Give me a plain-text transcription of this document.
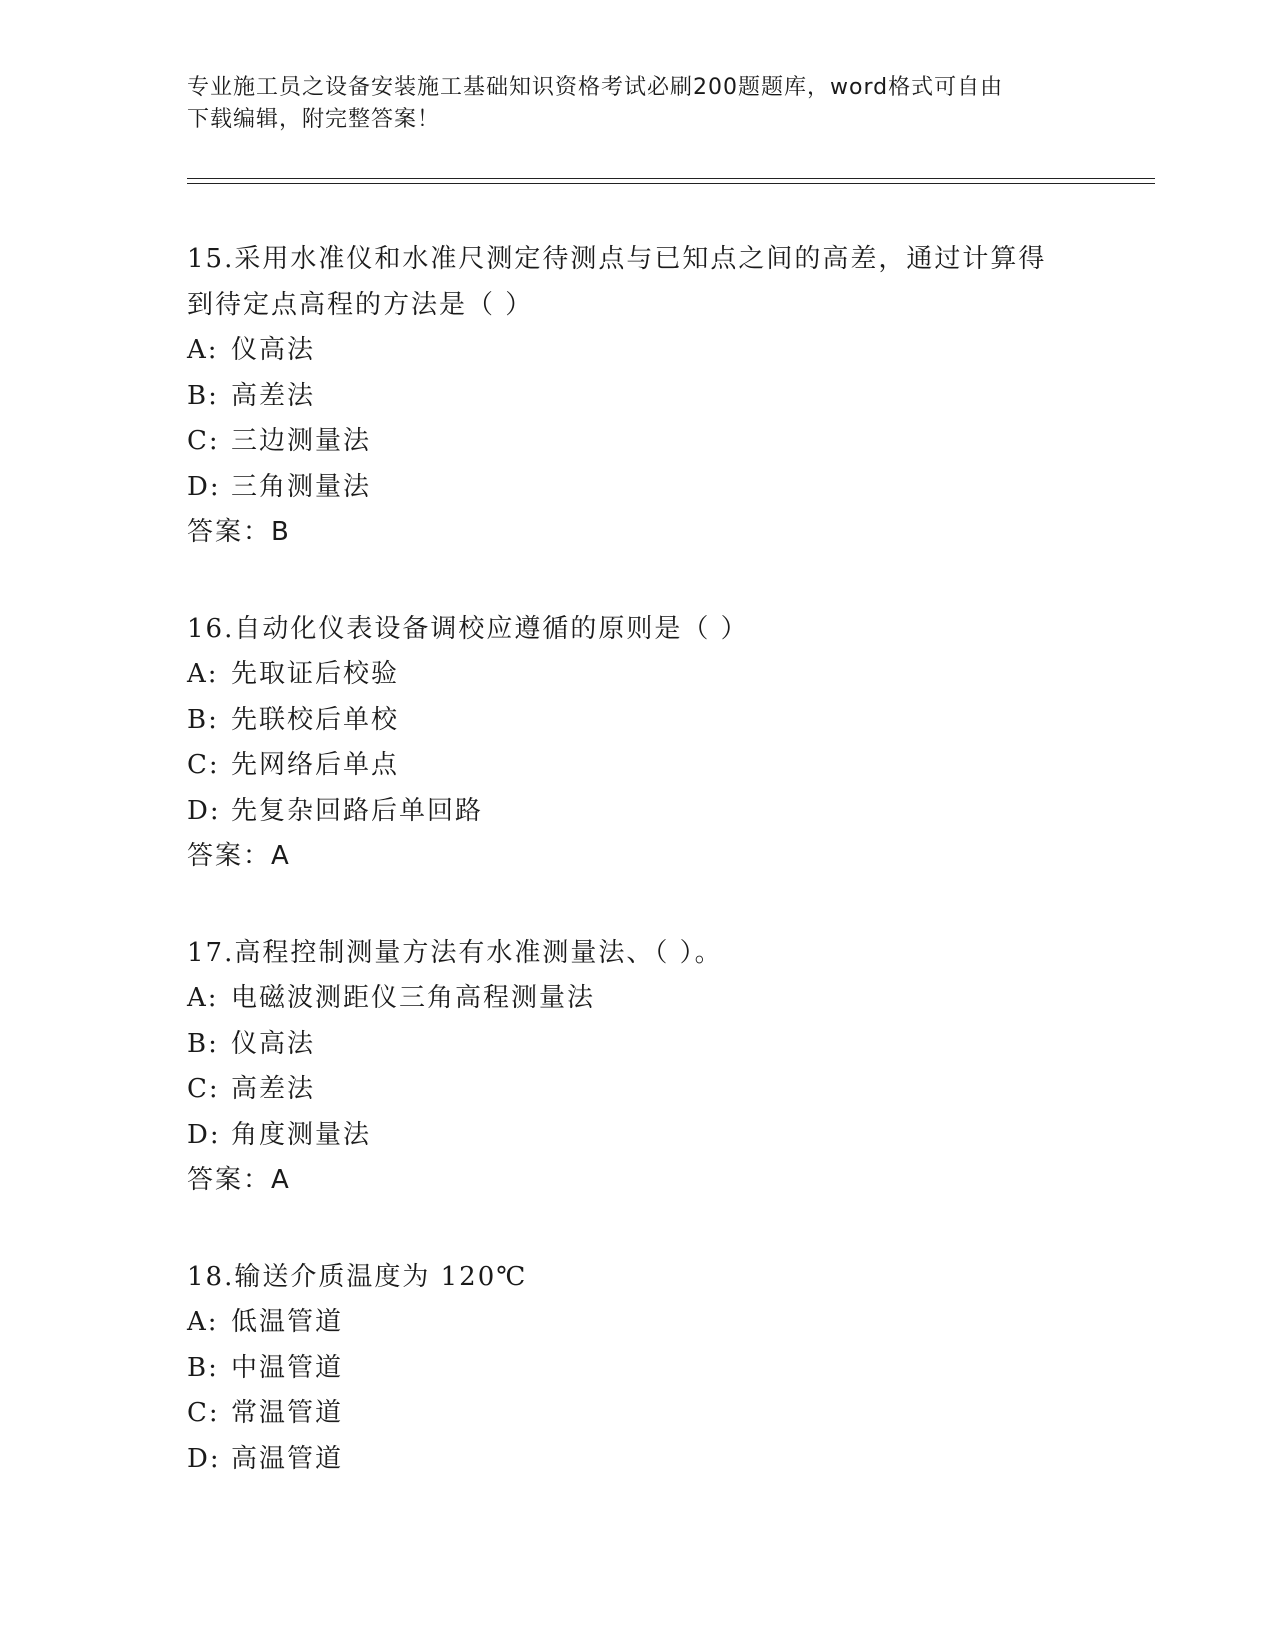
专业施工员之设备安装施工基础知识资格考试必刷200题题库，word格式可自由
下载编辑，附完整答案！
15.采用水准仪和水准尺测定待测点与已知点之间的高差，通过计算得
到待定点高程的方法是（ ）
A: 仪高法
B: 高差法
C: 三边测量法
D: 三角测量法
答案：B
16.自动化仪表设备调校应遵循的原则是（ ）
A: 先取证后校验
B: 先联校后单校
C: 先网络后单点
D: 先复杂回路后单回路
答案：A
17.高程控制测量方法有水准测量法、（ ）。
A: 电磁波测距仪三角高程测量法
B: 仪高法
C: 高差法
D: 角度测量法
答案：A
18.输送介质温度为 120℃
A: 低温管道
B: 中温管道
C: 常温管道
D: 高温管道
